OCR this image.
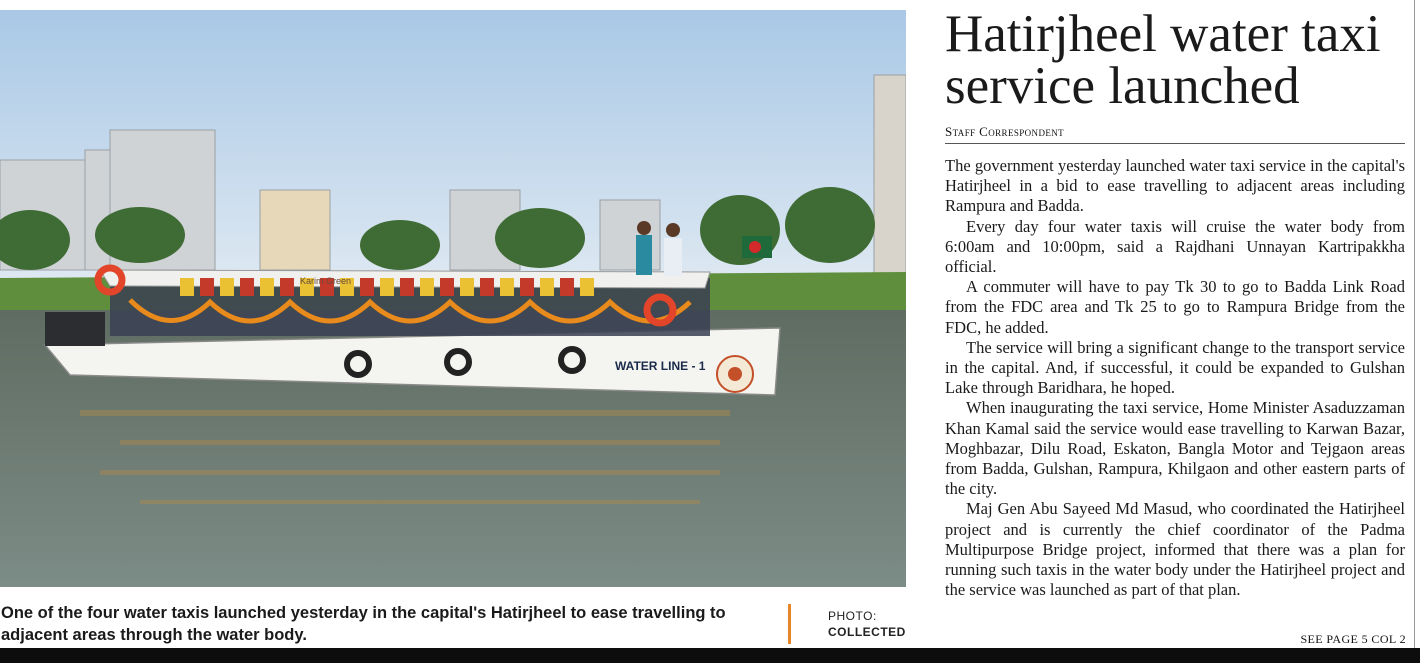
WATER LINE - 1
Karim Green
One of the four water taxis launched yesterday in the capital's Hatirjheel to ease travelling to adjacent areas through the water body.
PHOTO:
COLLECTED
Hatirjheel water taxi service launched
Staff Correspondent

The government yesterday launched water taxi service in the capital's Hatirjheel in a bid to ease travelling to adjacent areas including Rampura and Badda.

Every day four water taxis will cruise the water body from 6:00am and 10:00pm, said a Rajdhani Unnayan Kartripakkha official.

A commuter will have to pay Tk 30 to go to Badda Link Road from the FDC area and Tk 25 to go to Rampura Bridge from the FDC, he added.

The service will bring a significant change to the transport service in the capital. And, if successful, it could be expanded to Gulshan Lake through Baridhara, he hoped.

When inaugurating the taxi service, Home Minister Asaduzzaman Khan Kamal said the service would ease travelling to Karwan Bazar, Moghbazar, Dilu Road, Eskaton, Bangla Motor and Tejgaon areas from Badda, Gulshan, Rampura, Khilgaon and other eastern parts of the city.

Maj Gen Abu Sayeed Md Masud, who coordinated the Hatirjheel project and is currently the chief coordinator of the Padma Multipurpose Bridge project, informed that there was a plan for running such taxis in the water body under the Hatirjheel project and the service was launched as part of that plan.

SEE PAGE 5 COL 2
